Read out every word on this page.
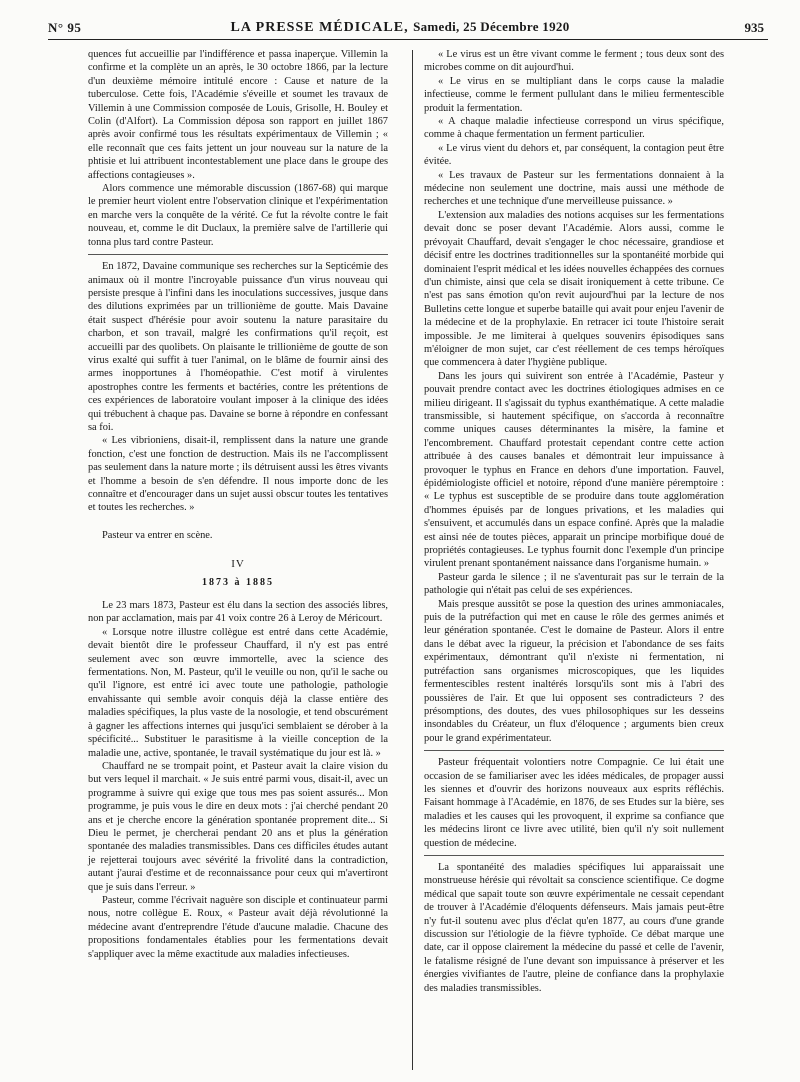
N° 95	LA PRESSE MÉDICALE, Samedi, 25 Décembre 1920	935

quences fut accueillie par l'indifférence et passa inaperçue. Villemin la confirme et la complète un an après, le 30 octobre 1866, par la lecture d'un deuxième mémoire intitulé encore : Cause et nature de la tuberculose. Cette fois, l'Académie s'éveille et soumet les travaux de Villemin à une Commission composée de Louis, Grisolle, H. Bouley et Colin (d'Alfort). La Commission déposa son rapport en juillet 1867 après avoir confirmé tous les résultats expérimentaux de Villemin ; « elle reconnaît que ces faits jettent un jour nouveau sur la nature de la phtisie et lui attribuent incontestablement une place dans le groupe des affections contagieuses ».

Alors commence une mémorable discussion (1867-68) qui marque le premier heurt violent entre l'observation clinique et l'expérimentation en marche vers la conquête de la vérité. Ce fut la révolte contre le fait nouveau, et, comme le dit Duclaux, la première salve de l'artillerie qui tonna plus tard contre Pasteur.

En 1872, Davaine communique ses recherches sur la Septicémie des animaux où il montre l'incroyable puissance d'un virus nouveau qui persiste presque à l'infini dans les inoculations successives, jusque dans des dilutions exprimées par un trillionième de goutte. Mais Davaine était suspect d'hérésie pour avoir soutenu la nature parasitaire du charbon, et son travail, malgré les confirmations qu'il reçoit, est accueilli par des quolibets. On plaisante le trillionième de goutte de son virus exalté qui suffit à tuer l'animal, on le blâme de fournir ainsi des armes inopportunes à l'homéopathie. C'est motif à virulentes apostrophes contre les ferments et bactéries, contre les prétentions de ces expériences de laboratoire voulant imposer à la clinique des idées qui trébuchent à chaque pas. Davaine se borne à répondre en confessant sa foi.

« Les vibrioniens, disait-il, remplissent dans la nature une grande fonction, c'est une fonction de destruction. Mais ils ne l'accomplissent pas seulement dans la nature morte ; ils détruisent aussi les êtres vivants et l'homme a besoin de s'en défendre. Il nous importe donc de les connaître et d'encourager dans un sujet aussi obscur toutes les tentatives et toutes les recherches. »

Pasteur va entrer en scène.

IV
1873 à 1885

Le 23 mars 1873, Pasteur est élu dans la section des associés libres, non par acclamation, mais par 41 voix contre 26 à Leroy de Méricourt.

« Lorsque notre illustre collègue est entré dans cette Académie, devait bientôt dire le professeur Chauffard, il n'y est pas entré seulement avec son œuvre immortelle, avec la science des fermentations. Non, M. Pasteur, qu'il le veuille ou non, qu'il le sache ou qu'il l'ignore, est entré ici avec toute une pathologie, pathologie envahissante qui semble avoir conquis déjà la classe entière des maladies spécifiques, la plus vaste de la nosologie, et tend obscurément à gagner les affections internes qui jusqu'ici semblaient se dérober à la spécificité... Substituer le parasitisme à la vieille conception de la maladie une, active, spontanée, le travail systématique du jour est là. »

Chauffard ne se trompait point, et Pasteur avait la claire vision du but vers lequel il marchait. « Je suis entré parmi vous, disait-il, avec un programme à suivre qui exige que tous mes pas soient assurés... Mon programme, je puis vous le dire en deux mots : j'ai cherché pendant 20 ans et je cherche encore la génération spontanée proprement dite... Si Dieu le permet, je chercherai pendant 20 ans et plus la génération spontanée des maladies transmissibles. Dans ces difficiles études autant je rejetterai toujours avec sévérité la frivolité dans la contradiction, autant j'aurai d'estime et de reconnaissance pour ceux qui m'avertiront que je suis dans l'erreur. »

Pasteur, comme l'écrivait naguère son disciple et continuateur parmi nous, notre collègue E. Roux, « Pasteur avait déjà révolutionné la médecine avant d'entreprendre l'étude d'aucune maladie. Chacune des propositions fondamentales établies pour les fermentations devait s'appliquer avec la même exactitude aux maladies infectieuses.

« Le virus est un être vivant comme le ferment ; tous deux sont des microbes comme on dit aujourd'hui.

« Le virus en se multipliant dans le corps cause la maladie infectieuse, comme le ferment pullulant dans le milieu fermentescible produit la fermentation.

« A chaque maladie infectieuse correspond un virus spécifique, comme à chaque fermentation un ferment particulier.

« Le virus vient du dehors et, par conséquent, la contagion peut être évitée.

« Les travaux de Pasteur sur les fermentations donnaient à la médecine non seulement une doctrine, mais aussi une méthode de recherches et une technique d'une merveilleuse puissance. »

L'extension aux maladies des notions acquises sur les fermentations devait donc se poser devant l'Académie. Alors aussi, comme le prévoyait Chauffard, devait s'engager le choc nécessaire, grandiose et décisif entre les doctrines traditionnelles sur la spontanéité morbide qui dominaient l'esprit médical et les idées nouvelles échappées des cornues d'un chimiste, ainsi que cela se disait ironiquement à cette tribune. Ce n'est pas sans émotion qu'on revit aujourd'hui par la lecture de nos Bulletins cette longue et superbe bataille qui avait pour enjeu l'avenir de la médecine et de la prophylaxie. En retracer ici toute l'histoire serait impossible. Je me limiterai à quelques souvenirs épisodiques sans m'éloigner de mon sujet, car c'est réellement de ces temps héroïques que commencera à dater l'hygiène publique.

Dans les jours qui suivirent son entrée à l'Académie, Pasteur y pouvait prendre contact avec les doctrines étiologiques admises en ce milieu dirigeant. Il s'agissait du typhus exanthématique. A cette maladie transmissible, si hautement spécifique, on s'accorda à reconnaître comme uniques causes déterminantes la misère, la famine et l'encombrement. Chauffard protestait cependant contre cette action attribuée à des causes banales et démontrait leur impuissance à provoquer le typhus en France en dehors d'une importation. Fauvel, épidémiologiste officiel et notoire, répond d'une manière péremptoire : « Le typhus est susceptible de se produire dans toute agglomération d'hommes épuisés par de longues privations, et les maladies qui s'ensuivent, et accumulés dans un espace confiné. Après que la maladie est ainsi née de toutes pièces, apparait un principe morbifique doué de propriétés contagieuses. Le typhus fournit donc l'exemple d'un principe virulent prenant spontanément naissance dans l'organisme humain. »

Pasteur garda le silence ; il ne s'aventurait pas sur le terrain de la pathologie qui n'était pas celui de ses expériences.

Mais presque aussitôt se pose la question des urines ammoniacales, puis de la putréfaction qui met en cause le rôle des germes animés et leur génération spontanée. C'est le domaine de Pasteur. Alors il entre dans le débat avec la rigueur, la précision et l'abondance de ses faits expérimentaux, démontrant qu'il n'existe ni fermentation, ni putréfaction sans organismes microscopiques, que les liquides fermentescibles restent inaltérés lorsqu'ils sont mis à l'abri des poussières de l'air. Et que lui opposent ses contradicteurs ? des présomptions, des doutes, des vues philosophiques sur les desseins insondables du Créateur, un flux d'éloquence ; arguments bien creux pour le grand expérimentateur.

Pasteur fréquentait volontiers notre Compagnie. Ce lui était une occasion de se familiariser avec les idées médicales, de propager aussi les siennes et d'ouvrir des horizons nouveaux aux esprits réfléchis. Faisant hommage à l'Académie, en 1876, de ses Etudes sur la bière, ses maladies et les causes qui les provoquent, il exprime sa confiance que les médecins liront ce livre avec utilité, bien qu'il n'y soit nullement question de médecine.

La spontanéité des maladies spécifiques lui apparaissait une monstrueuse hérésie qui révoltait sa conscience scientifique. Ce dogme médical que sapait toute son œuvre expérimentale ne cessait cependant de trouver à l'Académie d'éloquents défenseurs. Mais jamais peut-être n'y fut-il soutenu avec plus d'éclat qu'en 1877, au cours d'une grande discussion sur l'étiologie de la fièvre typhoïde. Ce débat marque une date, car il oppose clairement la médecine du passé et celle de l'avenir, le fatalisme résigné de l'une devant son impuissance à préserver et les énergies vivifiantes de l'autre, pleine de confiance dans la prophylaxie des maladies transmissibles.
